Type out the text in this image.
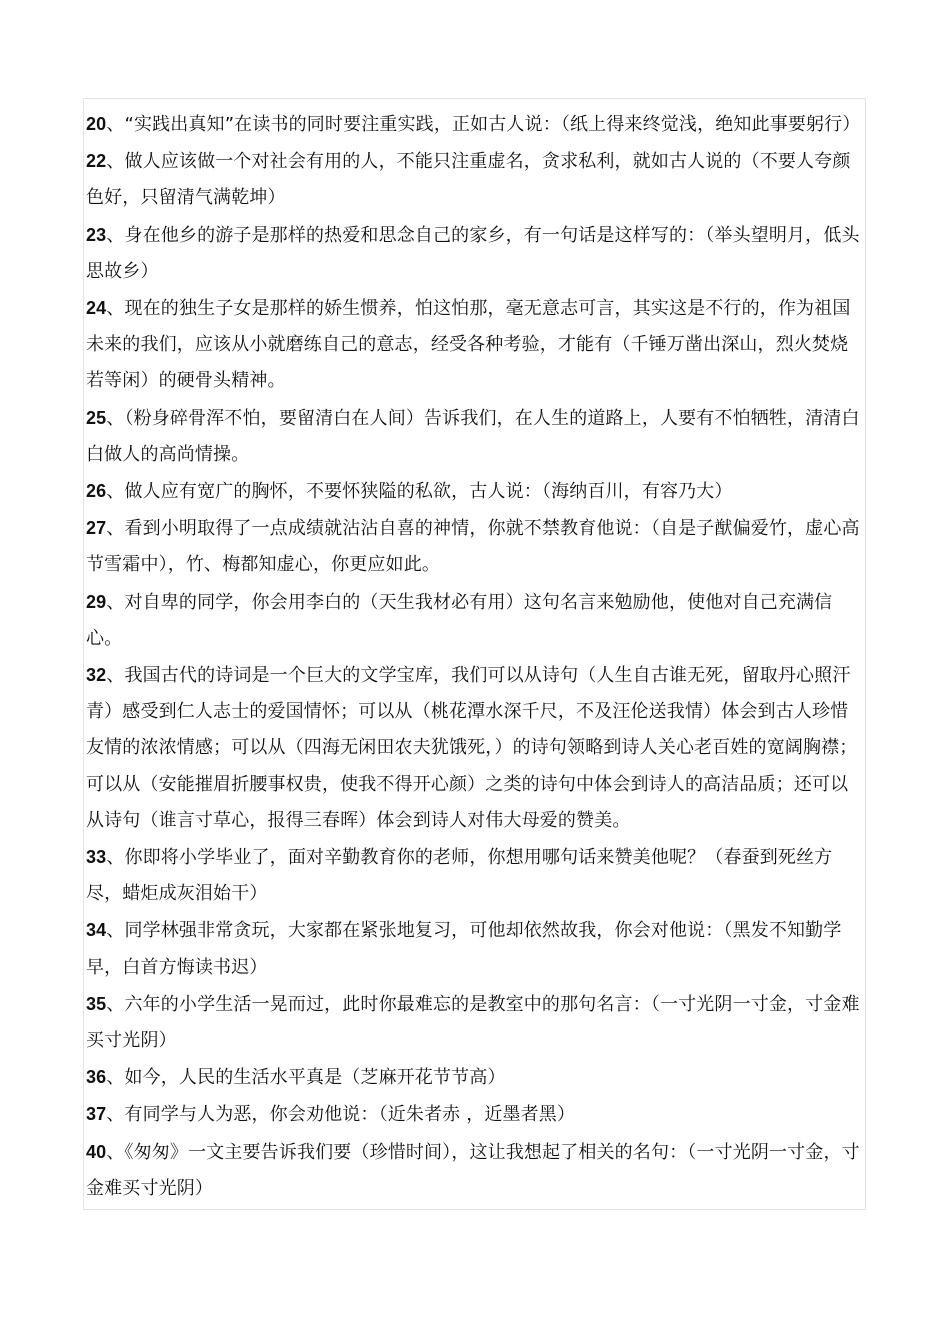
20、“实践出真知”在读书的同时要注重实践，正如古人说：（纸上得来终觉浅，绝知此事要躬行）

22、做人应该做一个对社会有用的人，不能只注重虚名，贪求私利，就如古人说的（不要人夸颜色好，只留清气满乾坤）

23、身在他乡的游子是那样的热爱和思念自己的家乡，有一句话是这样写的：（举头望明月，低头思故乡）

24、现在的独生子女是那样的娇生惯养，怕这怕那，毫无意志可言，其实这是不行的，作为祖国未来的我们，应该从小就磨练自己的意志，经受各种考验，才能有（千锤万凿出深山，烈火焚烧若等闲）的硬骨头精神。

25、（粉身碎骨浑不怕，要留清白在人间）告诉我们，在人生的道路上，人要有不怕牺牲，清清白白做人的高尚情操。

26、做人应有宽广的胸怀，不要怀狭隘的私欲，古人说：（海纳百川，有容乃大）

27、看到小明取得了一点成绩就沾沾自喜的神情，你就不禁教育他说：（自是子猷偏爱竹，虚心高节雪霜中），竹、梅都知虚心，你更应如此。

29、对自卑的同学，你会用李白的（天生我材必有用）这句名言来勉励他，使他对自己充满信心。

32、我国古代的诗词是一个巨大的文学宝库，我们可以从诗句（人生自古谁无死，留取丹心照汗青）感受到仁人志士的爱国情怀；可以从（桃花潭水深千尺，不及汪伦送我情）体会到古人珍惜友情的浓浓情感；可以从（四海无闲田农夫犹饿死，）的诗句领略到诗人关心老百姓的宽阔胸襟；可以从（安能摧眉折腰事权贵，使我不得开心颜）之类的诗句中体会到诗人的高洁品质；还可以从诗句（谁言寸草心，报得三春晖）体会到诗人对伟大母爱的赞美。

33、你即将小学毕业了，面对辛勤教育你的老师，你想用哪句话来赞美他呢？（春蚕到死丝方尽，蜡炬成灰泪始干）

34、同学林强非常贪玩，大家都在紧张地复习，可他却依然故我，你会对他说：（黑发不知勤学早，白首方悔读书迟）

35、六年的小学生活一晃而过，此时你最难忘的是教室中的那句名言：（一寸光阴一寸金，寸金难买寸光阴）

36、如今，人民的生活水平真是（芝麻开花节节高）

37、有同学与人为恶，你会劝他说：（近朱者赤 ，近墨者黑）

40、《匆匆》一文主要告诉我们要（珍惜时间），这让我想起了相关的名句：（一寸光阴一寸金，寸金难买寸光阴）
